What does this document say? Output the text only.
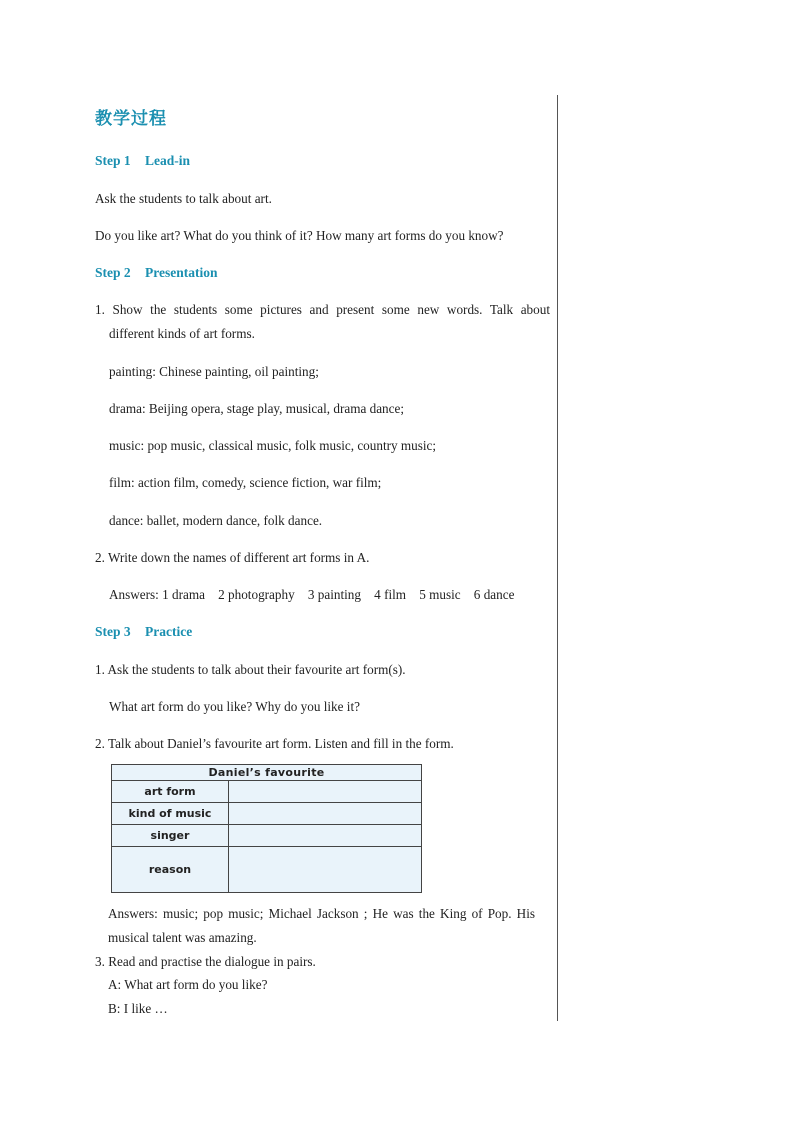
教学过程
Step 1 Lead-in
Ask the students to talk about art.
Do you like art? What do you think of it? How many art forms do you know?
Step 2 Presentation
1. Show the students some pictures and present some new words. Talk about
different kinds of art forms.
painting: Chinese painting, oil painting;
drama: Beijing opera, stage play, musical, drama dance;
music: pop music, classical music, folk music, country music;
film: action film, comedy, science fiction, war film;
dance: ballet, modern dance, folk dance.
2. Write down the names of different art forms in A.
Answers: 1 drama    2 photography    3 painting    4 film    5 music    6 dance
Step 3 Practice
1. Ask the students to talk about their favourite art form(s).
What art form do you like? Why do you like it?
2. Talk about Daniel’s favourite art form. Listen and fill in the form.
Daniel’s favourite	
art form	
kind of music	
singer	
reason	
Answers: music; pop music; Michael Jackson ; He was the King of Pop. His
musical talent was amazing.
3. Read and practise the dialogue in pairs.
A: What art form do you like?
B: I like …
